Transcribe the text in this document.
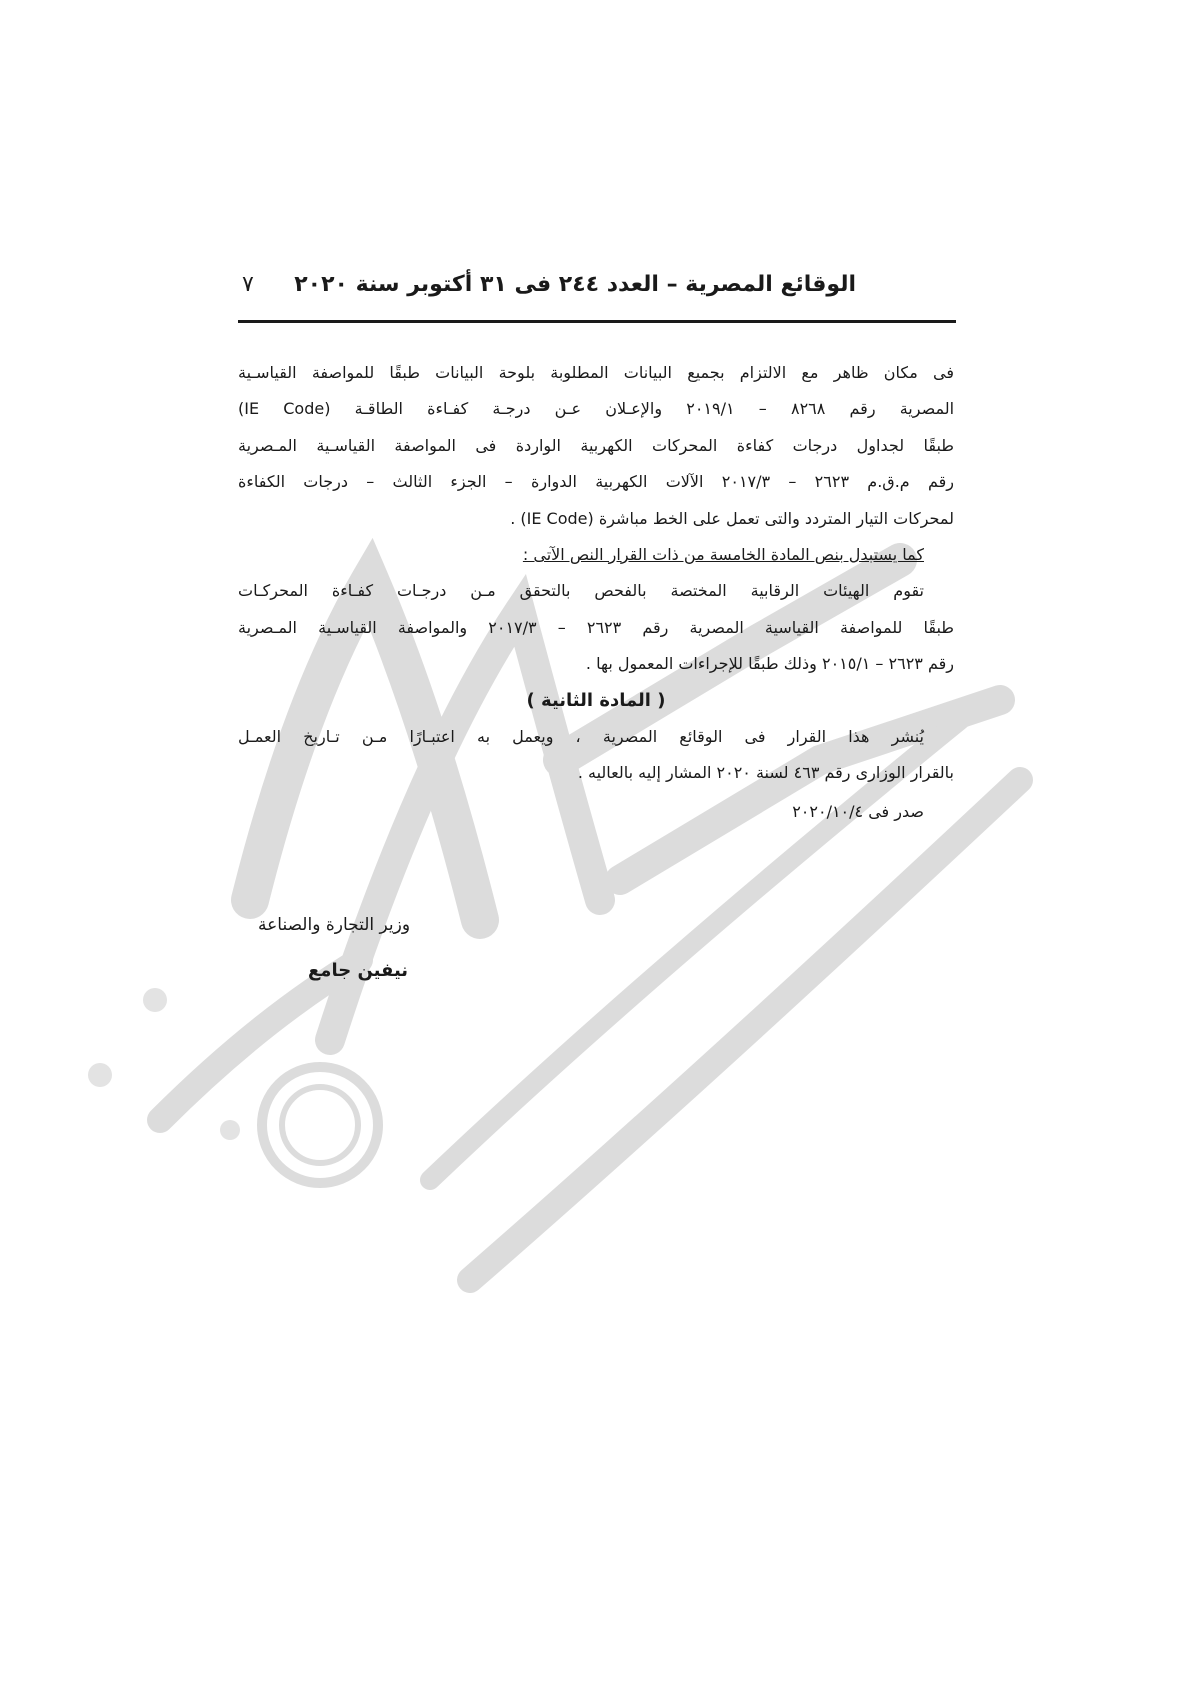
الوقائع المصرية – العدد ٢٤٤ فى ٣١ أكتوبر سنة ٢٠٢٠
٧
فى مكان ظاهر مع الالتزام بجميع البيانات المطلوبة بلوحة البيانات طبقًا للمواصفة القياسـية
المصرية رقم ٨٢٦٨ – ٢٠١٩/١ والإعـلان عـن درجـة كفـاءة الطاقـة (IE Code)
طبقًا لجداول درجات كفاءة المحركات الكهربية الواردة فى المواصفة القياسـية المـصرية
رقم م.ق.م ٢٦٢٣ – ٢٠١٧/٣ الآلات الكهربية الدوارة – الجزء الثالث – درجات الكفاءة
لمحركات التيار المتردد والتى تعمل على الخط مباشرة (IE Code) .
كما يستبدل بنص المادة الخامسة من ذات القرار النص الآتى :
تقوم الهيئات الرقابية المختصة بالفحص بالتحقق مـن درجـات كفـاءة المحركـات
طبقًا للمواصفة القياسية المصرية رقم ٢٦٢٣ – ٢٠١٧/٣ والمواصفة القياسـية المـصرية
رقم ٢٦٢٣ – ٢٠١٥/١ وذلك طبقًا للإجراءات المعمول بها .
( المادة الثانية )
يُنشر هذا القرار فى الوقائع المصرية ، ويعمل به اعتبـارًا مـن تـاريخ العمـل
بالقرار الوزارى رقم ٤٦٣ لسنة ٢٠٢٠ المشار إليه بالعاليه .
صدر فى ٢٠٢٠/١٠/٤
وزير التجارة والصناعة
نيفين جامع
